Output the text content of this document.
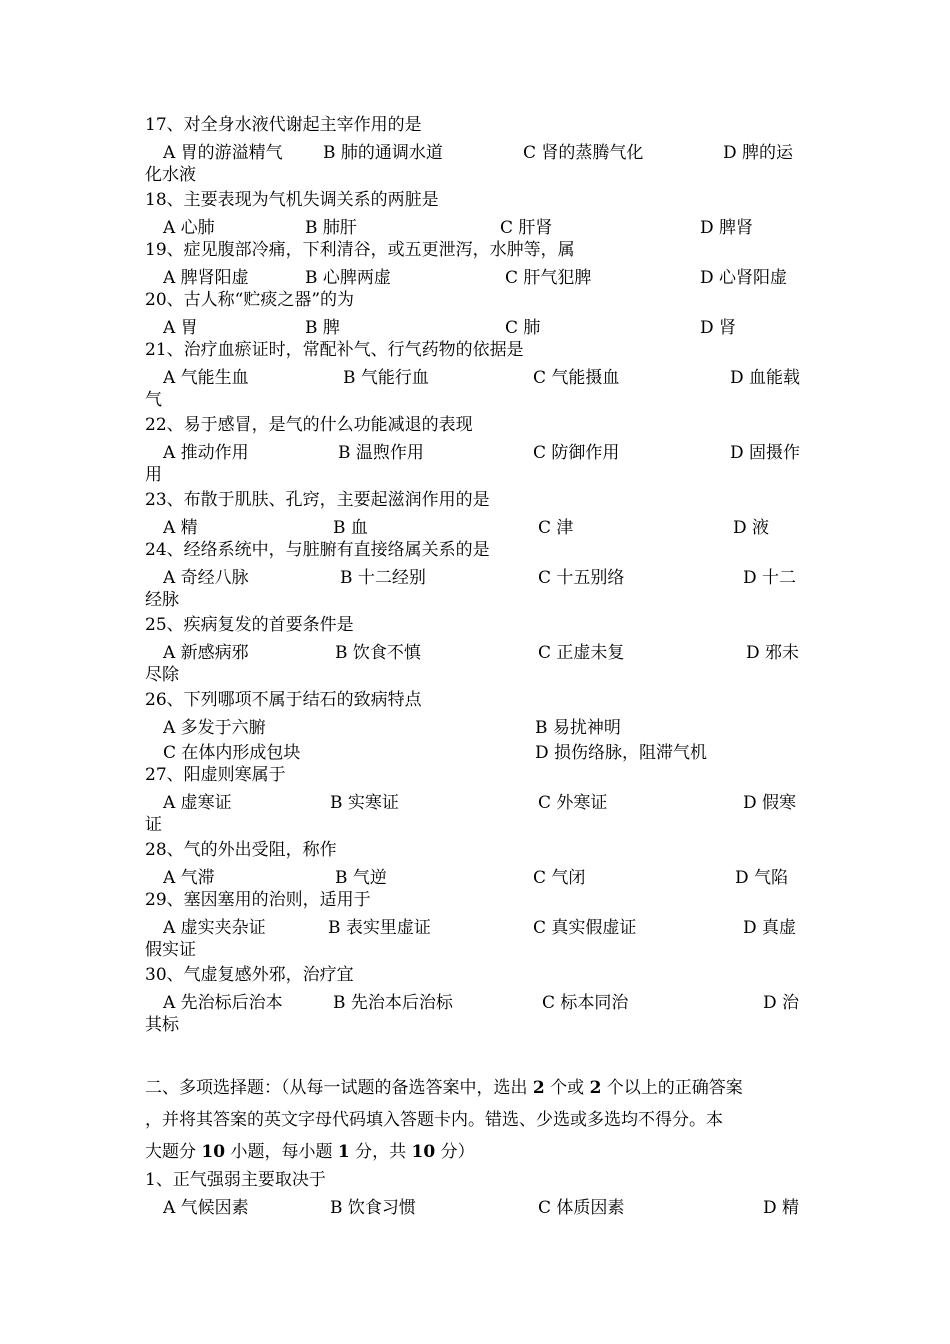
17、对全身水液代谢起主宰作用的是
A 胃的游溢精气 B 肺的通调水道	C 肾的蒸腾气化	D 脾的运
化水液
18、主要表现为气机失调关系的两脏是
A 心肺	B 肺肝	C 肝肾	D 脾肾
19、症见腹部冷痛，下利清谷，或五更泄泻，水肿等，属
A 脾肾阳虚	B 心脾两虚	C 肝气犯脾	D 心肾阳虚
20、古人称“贮痰之器”的为
A 胃	B 脾	C 肺	D 肾
21、治疗血瘀证时，常配补气、行气药物的依据是
A 气能生血	B 气能行血	C 气能摄血	D 血能载
气
22、易于感冒，是气的什么功能减退的表现
A 推动作用	B 温煦作用	C 防御作用	D 固摄作
用
23、布散于肌肤、孔窍，主要起滋润作用的是
A 精	B 血	C 津	D 液
24、经络系统中，与脏腑有直接络属关系的是
A 奇经八脉	B 十二经别	C 十五别络	D 十二
经脉
25、疾病复发的首要条件是
A 新感病邪	B 饮食不慎	C 正虚未复	D 邪未
尽除
26、下列哪项不属于结石的致病特点
A 多发于六腑	B 易扰神明
C 在体内形成包块	D 损伤络脉，阻滞气机
27、阳虚则寒属于
A 虚寒证	B 实寒证	C 外寒证	D 假寒
证
28、气的外出受阻，称作
A 气滞	B 气逆	C 气闭	D 气陷
29、塞因塞用的治则，适用于
A 虚实夹杂证	B 表实里虚证	C 真实假虚证	D 真虚
假实证
30、气虚复感外邪，治疗宜
A 先治标后治本	B 先治本后治标	C 标本同治	D 治
其标
二、多项选择题：（从每一试题的备选答案中，选出 2 个或 2 个以上的正确答案
，并将其答案的英文字母代码填入答题卡内。错选、少选或多选均不得分。本
大题分 10 小题，每小题 1 分，共 10 分）
1、正气强弱主要取决于
A 气候因素	B 饮食习惯	C 体质因素	D 精
